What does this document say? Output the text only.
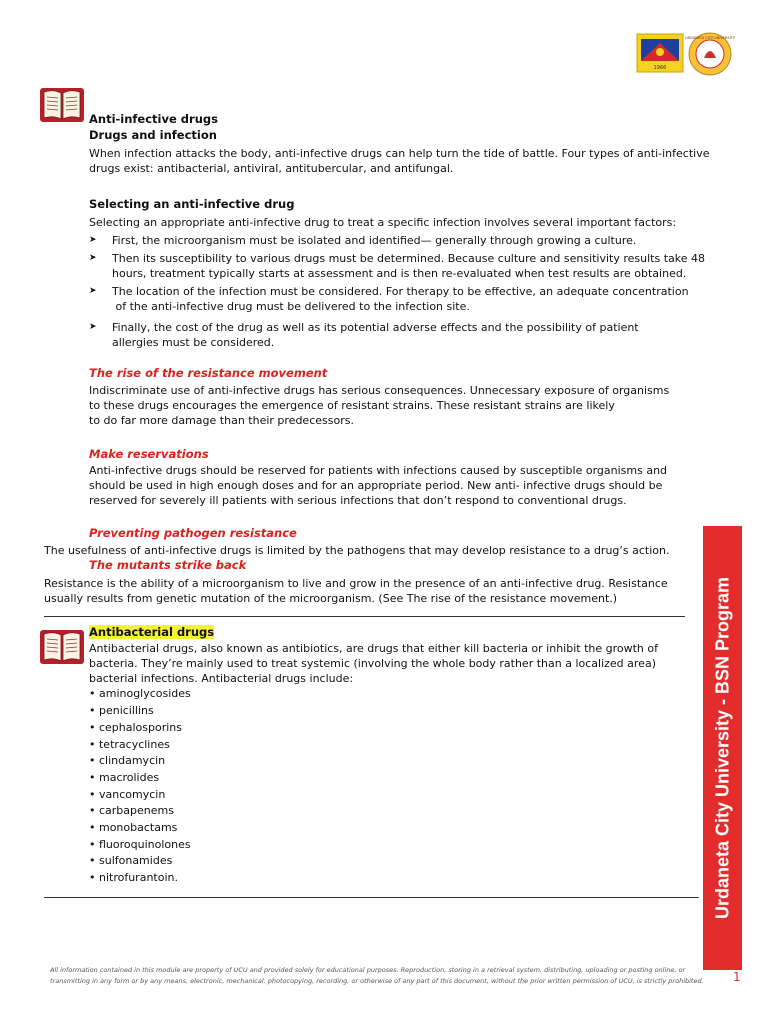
1966
URDANETA CITY UNIVERSITY
Anti-infective drugs
Drugs and infection
When infection attacks the body, anti-infective drugs can help turn the tide of battle. Four types of anti-infective
drugs exist: antibacterial, antiviral, antitubercular, and antifungal.
Selecting an anti-infective drug
Selecting an appropriate anti-infective drug to treat a specific infection involves several important factors:
➤ First, the microorganism must be isolated and identified— generally through growing a culture.
➤ Then its susceptibility to various drugs must be determined. Because culture and sensitivity results take 48
hours, treatment typically starts at assessment and is then re-evaluated when test results are obtained.
➤ The location of the infection must be considered. For therapy to be effective, an adequate concentration
of the anti-infective drug must be delivered to the infection site.
➤ Finally, the cost of the drug as well as its potential adverse effects and the possibility of patient
allergies must be considered.
The rise of the resistance movement
Indiscriminate use of anti-infective drugs has serious consequences. Unnecessary exposure of organisms
to these drugs encourages the emergence of resistant strains. These resistant strains are likely
to do far more damage than their predecessors.
Make reservations
Anti-infective drugs should be reserved for patients with infections caused by susceptible organisms and
should be used in high enough doses and for an appropriate period. New anti- infective drugs should be
reserved for severely ill patients with serious infections that don’t respond to conventional drugs.
Preventing pathogen resistance
The usefulness of anti-infective drugs is limited by the pathogens that may develop resistance to a drug’s action.
The mutants strike back
Resistance is the ability of a microorganism to live and grow in the presence of an anti-infective drug. Resistance
usually results from genetic mutation of the microorganism. (See The rise of the resistance movement.)
Antibacterial drugs
Antibacterial drugs, also known as antibiotics, are drugs that either kill bacteria or inhibit the growth of
bacteria. They’re mainly used to treat systemic (involving the whole body rather than a localized area)
bacterial infections. Antibacterial drugs include:
• aminoglycosides
• penicillins
• cephalosporins
• tetracyclines
• clindamycin
• macrolides
• vancomycin
• carbapenems
• monobactams
• fluoroquinolones
• sulfonamides
• nitrofurantoin.	Urdaneta City University - BSN Program
All information contained in this module are property of UCU and provided solely for educational purposes. Reproduction, storing in a retrieval system, distributing, uploading or posting online, or
transmitting in any form or by any means, electronic, mechanical, photocopying, recording, or otherwise of any part of this document, without the prior written permission of UCU, is strictly prohibited. 1
